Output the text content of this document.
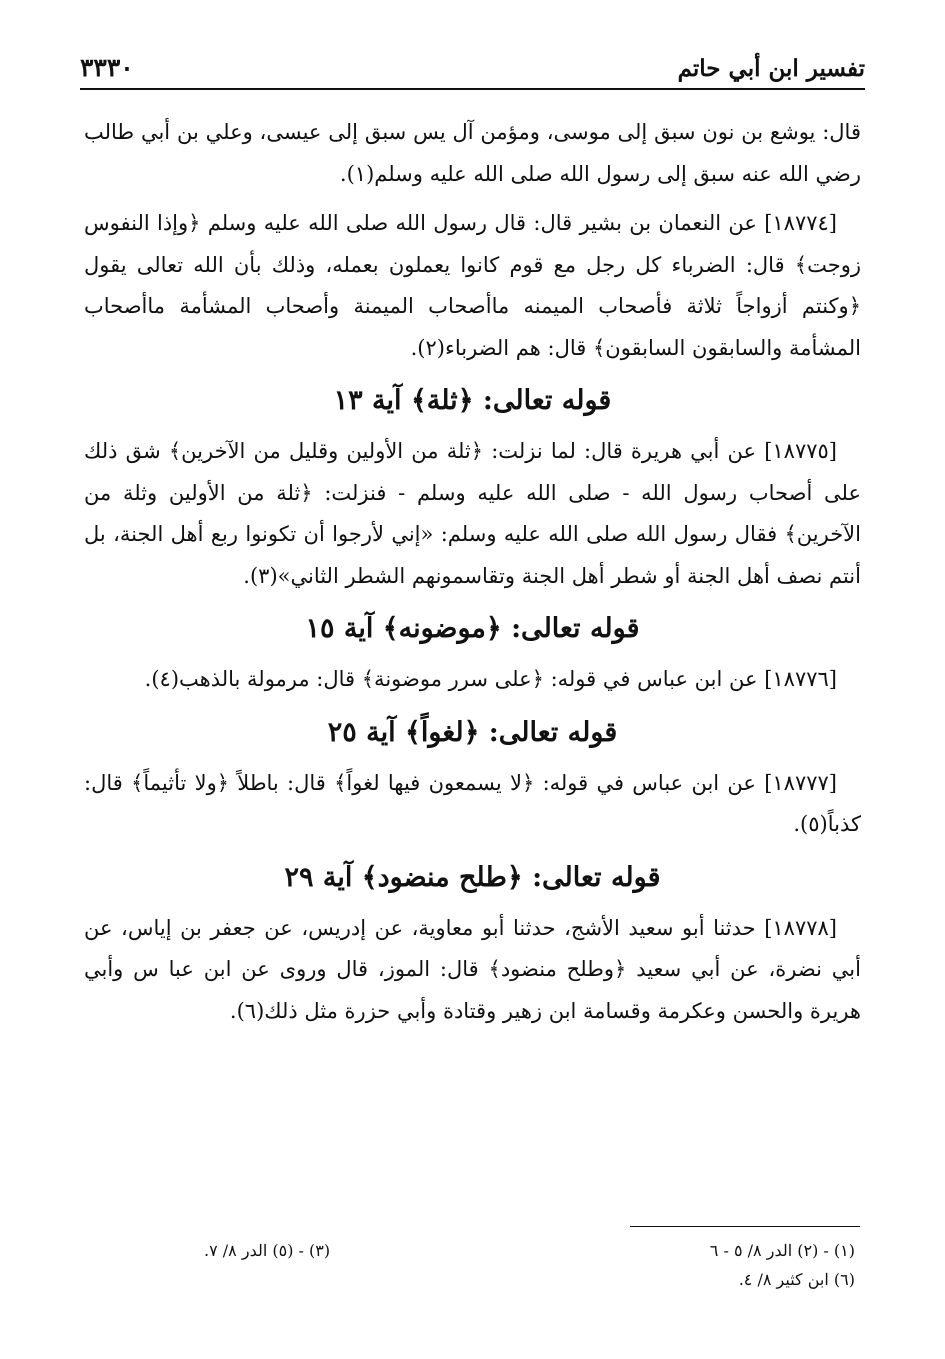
تفسير ابن أبي حاتم
٣٣٣٠

قال: يوشع بن نون سبق إلى موسى، ومؤمن آل يس سبق إلى عيسى، وعلي بن أبي طالب رضي الله عنه سبق إلى رسول الله صلى الله عليه وسلم(١).

[١٨٧٧٤] عن النعمان بن بشير قال: قال رسول الله صلى الله عليه وسلم ﴿وإذا النفوس زوجت﴾ قال: الضرباء كل رجل مع قوم كانوا يعملون بعمله، وذلك بأن الله تعالى يقول ﴿وكنتم أزواجاً ثلاثة فأصحاب الميمنه ماأصحاب الميمنة وأصحاب المشأمة ماأصحاب المشأمة والسابقون السابقون﴾ قال: هم الضرباء(٢).

قوله تعالى: ﴿ثلة﴾ آية ١٣

[١٨٧٧٥] عن أبي هريرة قال: لما نزلت: ﴿ثلة من الأولين وقليل من الآخرين﴾ شق ذلك على أصحاب رسول الله - صلى الله عليه وسلم - فنزلت: ﴿ثلة من الأولين وثلة من الآخرين﴾ فقال رسول الله صلى الله عليه وسلم: «إني لأرجوا أن تكونوا ربع أهل الجنة، بل أنتم نصف أهل الجنة أو شطر أهل الجنة وتقاسمونهم الشطر الثاني»(٣).

قوله تعالى: ﴿موضونه﴾ آية ١٥

[١٨٧٧٦] عن ابن عباس في قوله: ﴿على سرر موضونة﴾ قال: مرمولة بالذهب(٤).

قوله تعالى: ﴿لغواً﴾ آية ٢٥

[١٨٧٧٧] عن ابن عباس في قوله: ﴿لا يسمعون فيها لغواً﴾ قال: باطلاً ﴿ولا تأثيماً﴾ قال: كذباً(٥).

قوله تعالى: ﴿طلح منضود﴾ آية ٢٩

[١٨٧٧٨] حدثنا أبو سعيد الأشج، حدثنا أبو معاوية، عن إدريس، عن جعفر بن إياس، عن أبي نضرة، عن أبي سعيد ﴿وطلح منضود﴾ قال: الموز، قال وروى عن ابن عبا س وأبي هريرة والحسن وعكرمة وقسامة ابن زهير وقتادة وأبي حزرة مثل ذلك(٦).

(١) - (٢) الدر ٨/ ٥ - ٦
(٣) - (٥) الدر ٨/ ٧.
(٦) ابن كثير ٨/ ٤.
